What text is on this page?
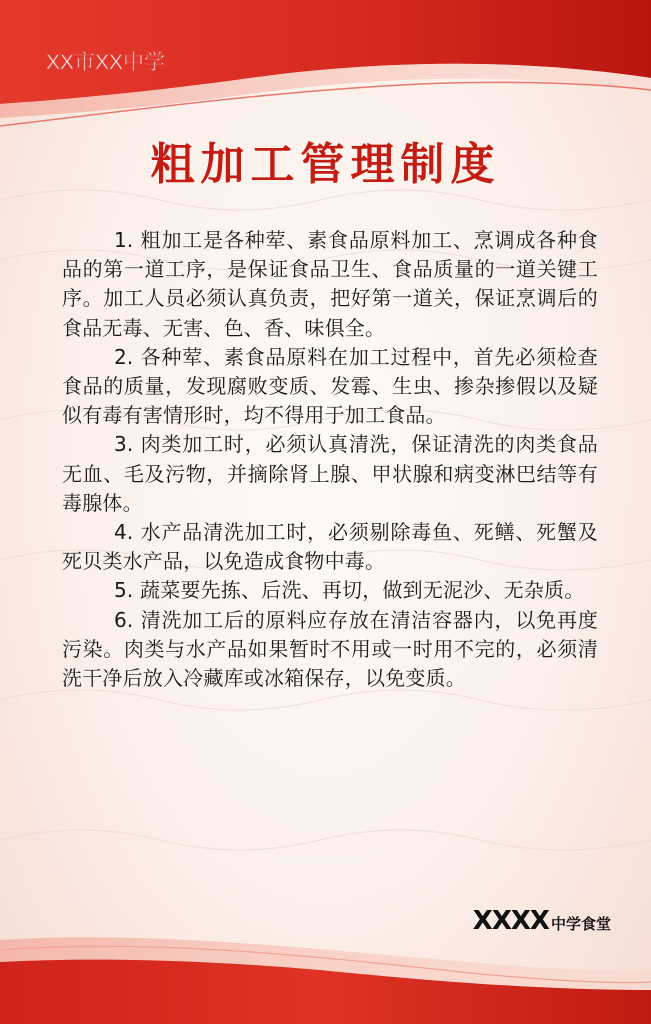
XX市XX中学
粗加工管理制度
1. 粗加工是各种荤、素食品原料加工、烹调成各种食品的第一道工序，是保证食品卫生、食品质量的一道关键工序。加工人员必须认真负责，把好第一道关，保证烹调后的食品无毒、无害、色、香、味俱全。
2. 各种荤、素食品原料在加工过程中，首先必须检查食品的质量，发现腐败变质、发霉、生虫、掺杂掺假以及疑似有毒有害情形时，均不得用于加工食品。
3. 肉类加工时，必须认真清洗，保证清洗的肉类食品无血、毛及污物，并摘除肾上腺、甲状腺和病变淋巴结等有毒腺体。
4. 水产品清洗加工时，必须剔除毒鱼、死鳝、死蟹及死贝类水产品，以免造成食物中毒。
5. 蔬菜要先拣、后洗、再切，做到无泥沙、无杂质。
6. 清洗加工后的原料应存放在清洁容器内，以免再度污染。肉类与水产品如果暂时不用或一时用不完的，必须清洗干净后放入冷藏库或冰箱保存，以免变质。
XXXX 中学食堂
